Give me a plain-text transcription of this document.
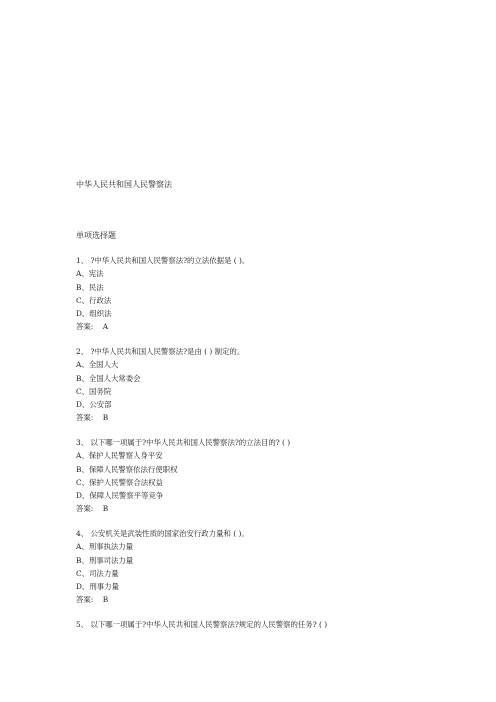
中华人民共和国人民警察法
单项选择题
1、 ?中华人民共和国人民警察法?的立法依据是 ( )。
A、宪法
B、民法
C、行政法
D、组织法
答案: A
2、 ?中华人民共和国人民警察法?是由 ( ) 制定的。
A、全国人大
B、全国人大常委会
C、国务院
D、公安部
答案: B
3、 以下哪一项属于?中华人民共和国人民警察法?的立法目的? ( )
A、保护人民警察人身平安
B、保障人民警察依法行使职权
C、保护人民警察合法权益
D、保障人民警察平等竞争
答案: B
4、 公安机关是武装性质的国家治安行政力量和 ( )。
A、刑事执法力量
B、刑事司法力量
C、司法力量
D、刑事力量
答案: B
5、 以下哪一项属于?中华人民共和国人民警察法?规定的人民警察的任务? ( )
